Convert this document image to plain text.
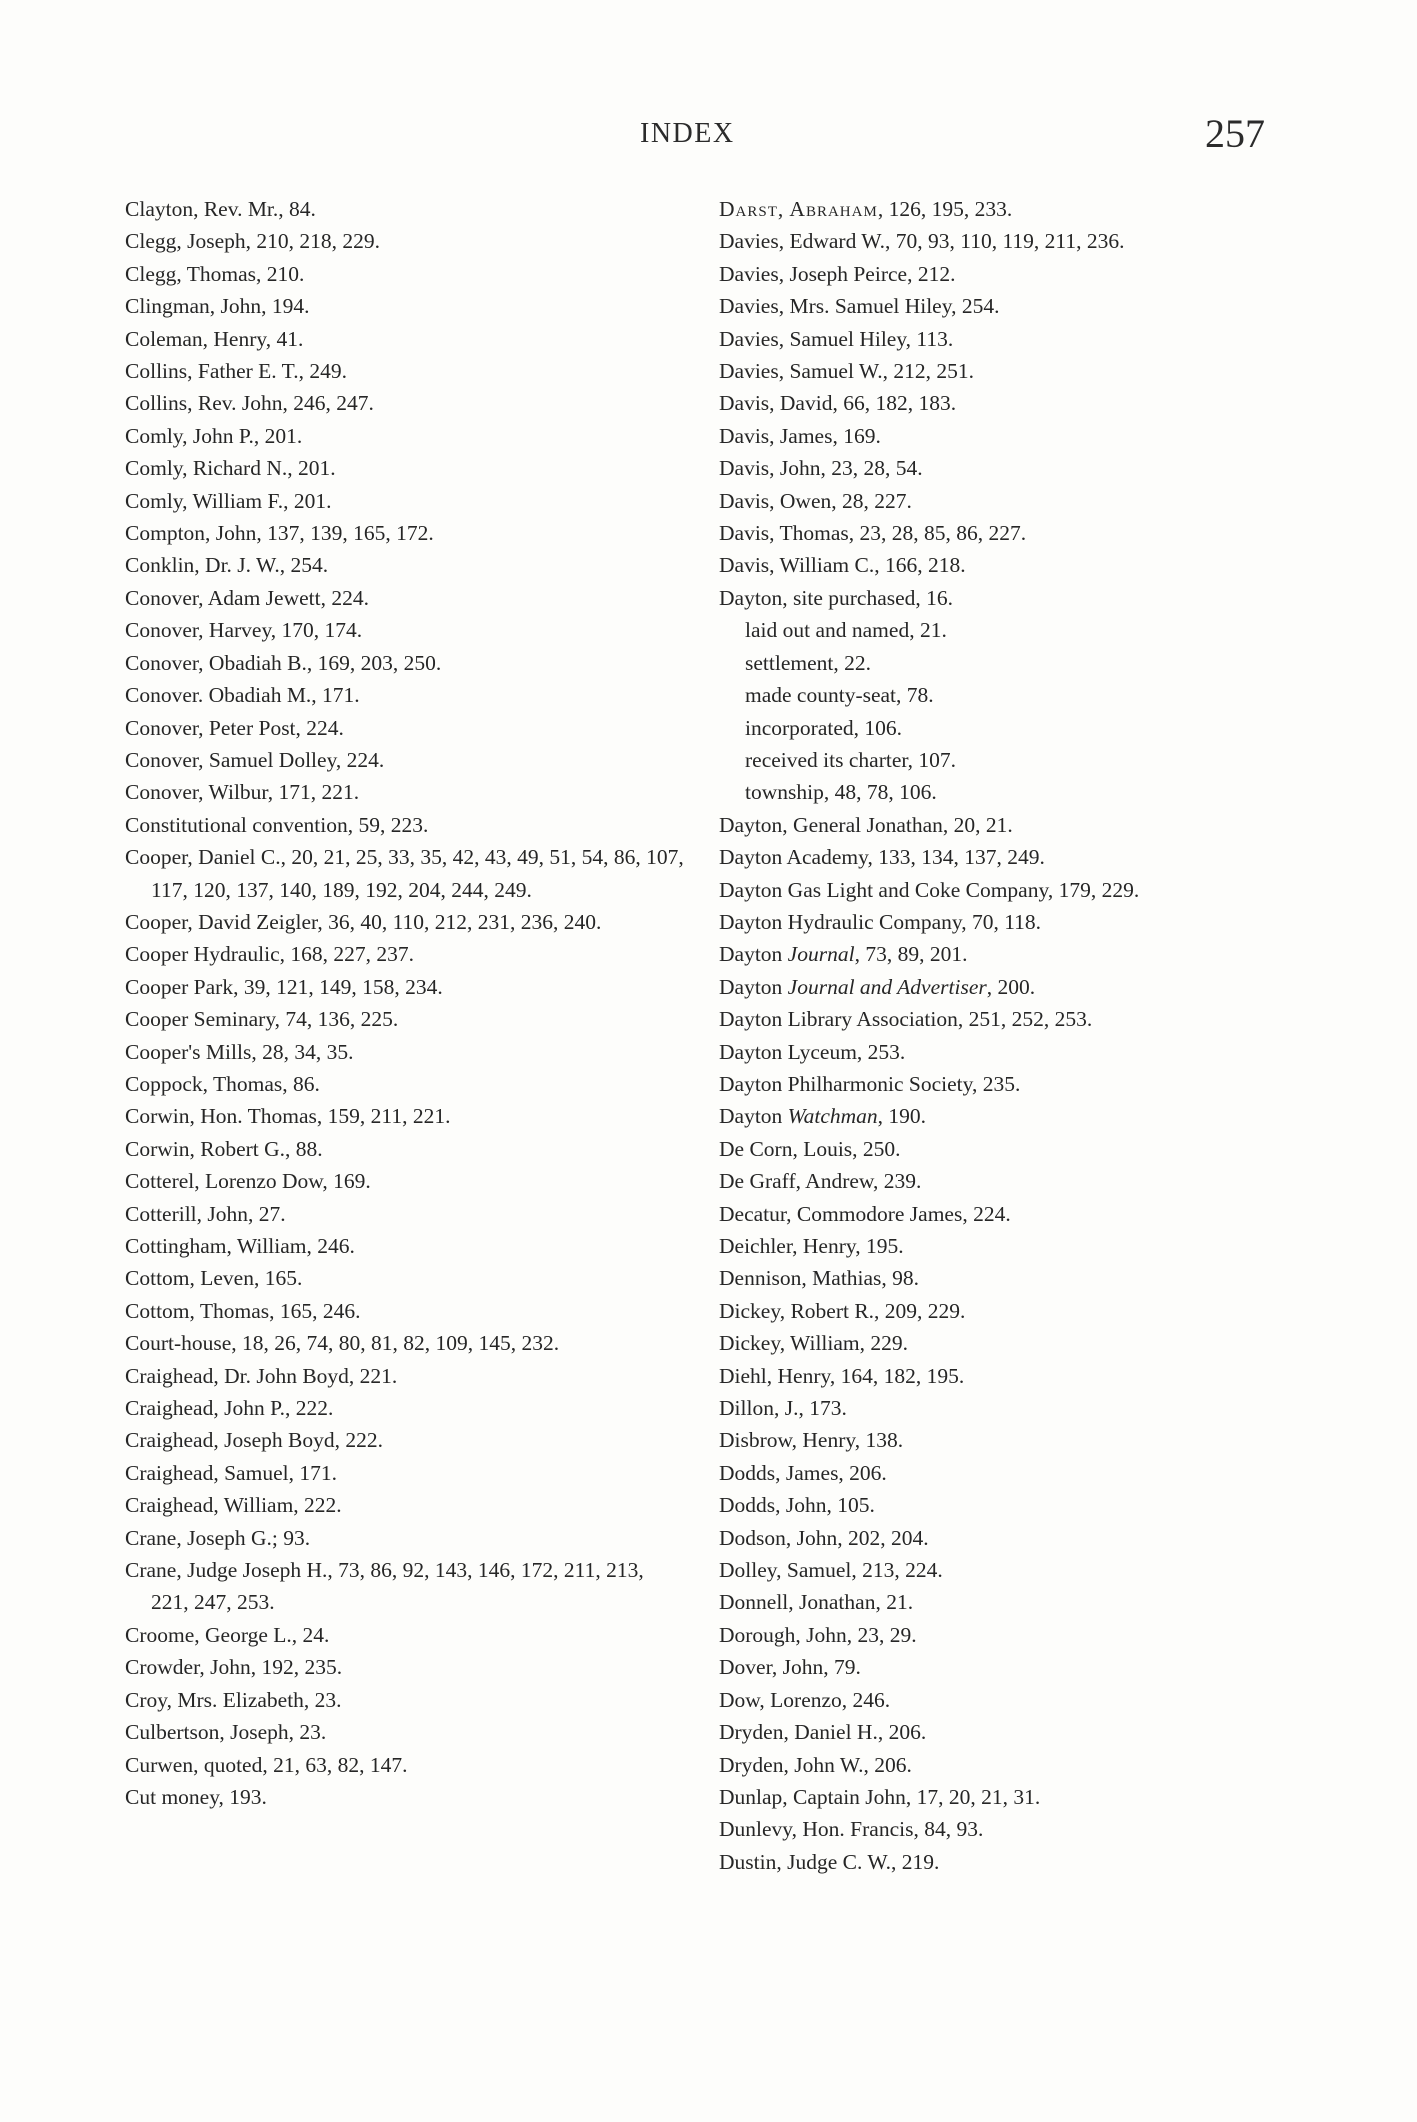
INDEX	257
Clayton, Rev. Mr., 84.
Clegg, Joseph, 210, 218, 229.
Clegg, Thomas, 210.
Clingman, John, 194.
Coleman, Henry, 41.
Collins, Father E. T., 249.
Collins, Rev. John, 246, 247.
Comly, John P., 201.
Comly, Richard N., 201.
Comly, William F., 201.
Compton, John, 137, 139, 165, 172.
Conklin, Dr. J. W., 254.
Conover, Adam Jewett, 224.
Conover, Harvey, 170, 174.
Conover, Obadiah B., 169, 203, 250.
Conover. Obadiah M., 171.
Conover, Peter Post, 224.
Conover, Samuel Dolley, 224.
Conover, Wilbur, 171, 221.
Constitutional convention, 59, 223.
Cooper, Daniel C., 20, 21, 25, 33, 35, 42, 43, 49, 51, 54, 86, 107, 117, 120, 137, 140, 189, 192, 204, 244, 249.
Cooper, David Zeigler, 36, 40, 110, 212, 231, 236, 240.
Cooper Hydraulic, 168, 227, 237.
Cooper Park, 39, 121, 149, 158, 234.
Cooper Seminary, 74, 136, 225.
Cooper's Mills, 28, 34, 35.
Coppock, Thomas, 86.
Corwin, Hon. Thomas, 159, 211, 221.
Corwin, Robert G., 88.
Cotterel, Lorenzo Dow, 169.
Cotterill, John, 27.
Cottingham, William, 246.
Cottom, Leven, 165.
Cottom, Thomas, 165, 246.
Court-house, 18, 26, 74, 80, 81, 82, 109, 145, 232.
Craighead, Dr. John Boyd, 221.
Craighead, John P., 222.
Craighead, Joseph Boyd, 222.
Craighead, Samuel, 171.
Craighead, William, 222.
Crane, Joseph G.; 93.
Crane, Judge Joseph H., 73, 86, 92, 143, 146, 172, 211, 213, 221, 247, 253.
Croome, George L., 24.
Crowder, John, 192, 235.
Croy, Mrs. Elizabeth, 23.
Culbertson, Joseph, 23.
Curwen, quoted, 21, 63, 82, 147.
Cut money, 193.
Darst, Abraham, 126, 195, 233.
Davies, Edward W., 70, 93, 110, 119, 211, 236.
Davies, Joseph Peirce, 212.
Davies, Mrs. Samuel Hiley, 254.
Davies, Samuel Hiley, 113.
Davies, Samuel W., 212, 251.
Davis, David, 66, 182, 183.
Davis, James, 169.
Davis, John, 23, 28, 54.
Davis, Owen, 28, 227.
Davis, Thomas, 23, 28, 85, 86, 227.
Davis, William C., 166, 218.
Dayton, site purchased, 16.
laid out and named, 21.
settlement, 22.
made county-seat, 78.
incorporated, 106.
received its charter, 107.
township, 48, 78, 106.
Dayton, General Jonathan, 20, 21.
Dayton Academy, 133, 134, 137, 249.
Dayton Gas Light and Coke Company, 179, 229.
Dayton Hydraulic Company, 70, 118.
Dayton Journal, 73, 89, 201.
Dayton Journal and Advertiser, 200.
Dayton Library Association, 251, 252, 253.
Dayton Lyceum, 253.
Dayton Philharmonic Society, 235.
Dayton Watchman, 190.
De Corn, Louis, 250.
De Graff, Andrew, 239.
Decatur, Commodore James, 224.
Deichler, Henry, 195.
Dennison, Mathias, 98.
Dickey, Robert R., 209, 229.
Dickey, William, 229.
Diehl, Henry, 164, 182, 195.
Dillon, J., 173.
Disbrow, Henry, 138.
Dodds, James, 206.
Dodds, John, 105.
Dodson, John, 202, 204.
Dolley, Samuel, 213, 224.
Donnell, Jonathan, 21.
Dorough, John, 23, 29.
Dover, John, 79.
Dow, Lorenzo, 246.
Dryden, Daniel H., 206.
Dryden, John W., 206.
Dunlap, Captain John, 17, 20, 21, 31.
Dunlevy, Hon. Francis, 84, 93.
Dustin, Judge C. W., 219.
